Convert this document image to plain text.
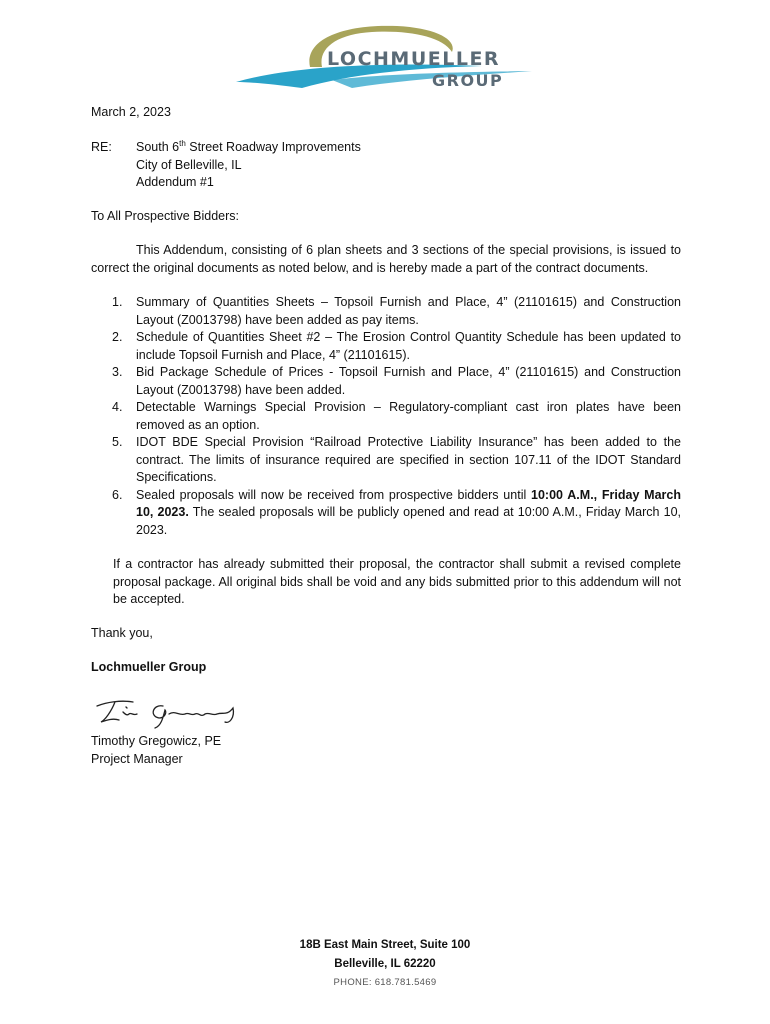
LOCHMUELLER
GROUP
March 2, 2023
RE: South 6th Street Roadway Improvements
City of Belleville, IL
Addendum #1
To All Prospective Bidders:
This Addendum, consisting of 6 plan sheets and 3 sections of the special provisions, is issued to correct the original documents as noted below, and is hereby made a part of the contract documents.
1. Summary of Quantities Sheets – Topsoil Furnish and Place, 4” (21101615) and Construction Layout (Z0013798) have been added as pay items.
2. Schedule of Quantities Sheet #2 – The Erosion Control Quantity Schedule has been updated to include Topsoil Furnish and Place, 4” (21101615).
3. Bid Package Schedule of Prices - Topsoil Furnish and Place, 4” (21101615) and Construction Layout (Z0013798) have been added.
4. Detectable Warnings Special Provision – Regulatory-compliant cast iron plates have been removed as an option.
5. IDOT BDE Special Provision “Railroad Protective Liability Insurance” has been added to the contract. The limits of insurance required are specified in section 107.11 of the IDOT Standard Specifications.
6. Sealed proposals will now be received from prospective bidders until 10:00 A.M., Friday March 10, 2023. The sealed proposals will be publicly opened and read at 10:00 A.M., Friday March 10, 2023.
If a contractor has already submitted their proposal, the contractor shall submit a revised complete proposal package. All original bids shall be void and any bids submitted prior to this addendum will not be accepted.
Thank you,
Lochmueller Group
Timothy Gregowicz, PE
Project Manager
18B East Main Street, Suite 100
Belleville, IL 62220
PHONE: 618.781.5469
